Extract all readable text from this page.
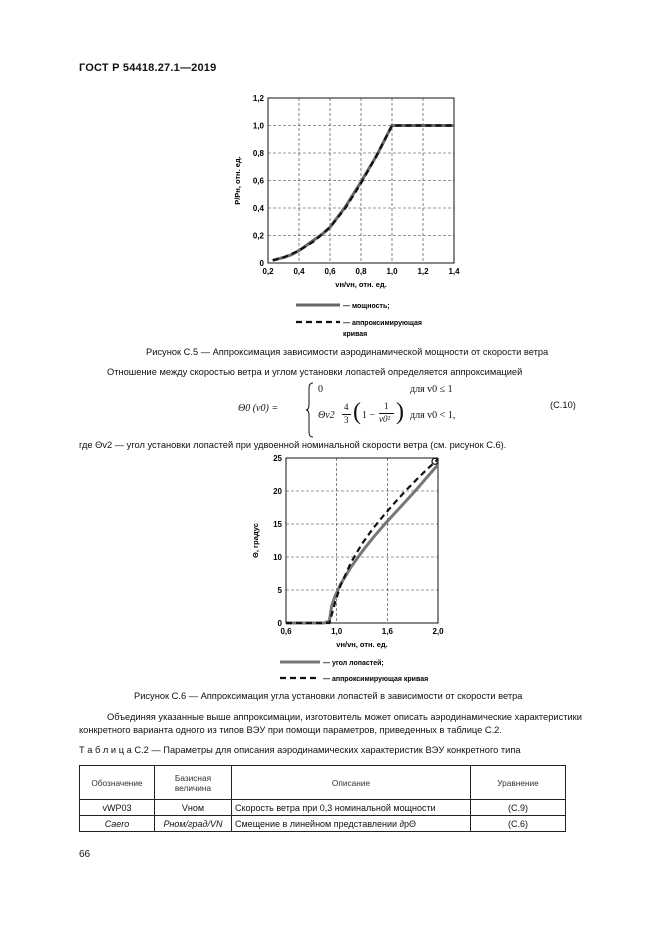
ГОСТ Р 54418.27.1—2019
0,2 0,4 0,6 0,8 1,0 1,2 1,4
0
0,2
0,4
0,6
0,8
1,0
1,2
vн/vн, отн. ед.
P/Pн, отн. ед.
— мощность;
— аппроксимирующая
кривая
Рисунок С.5 — Аппроксимация зависимости аэродинамической мощности от скорости ветра
Отношение между скоростью ветра и углом установки лопастей определяется аппроксимацией
Θ0 (v0) =
0	для v0 ≤ 1
Θv2
4
3 ( 1 −
1
v0² ) для v0 < 1,
(С.10)
где Θv2 — угол установки лопастей при удвоенной номинальной скорости ветра (см. рисунок С.6).
0,6	1,0	1,6	2,0
0
5
10
15
20
25
vн/vн, отн. ед.
Θ, градус
— угол лопастей;
— аппроксимирующая кривая
Рисунок С.6 — Аппроксимация угла установки лопастей в зависимости от скорости ветра
Объединяя указанные выше аппроксимации, изготовитель может описать аэродинамические характеристики конкретного варианта одного из типов ВЭУ при помощи параметров, приведенных в таблице С.2.
Т а б л и ц а С.2 — Параметры для описания аэродинамических характеристик ВЭУ конкретного типа
Обозначение	Базисная величина	Описание	Уравнение
vWP03	Vном	Скорость ветра при 0,3 номинальной мощности	(С.9)
Caero	Pном/град/VN	Смещение в линейном представлении ∂pΘ	(С.6)
66
